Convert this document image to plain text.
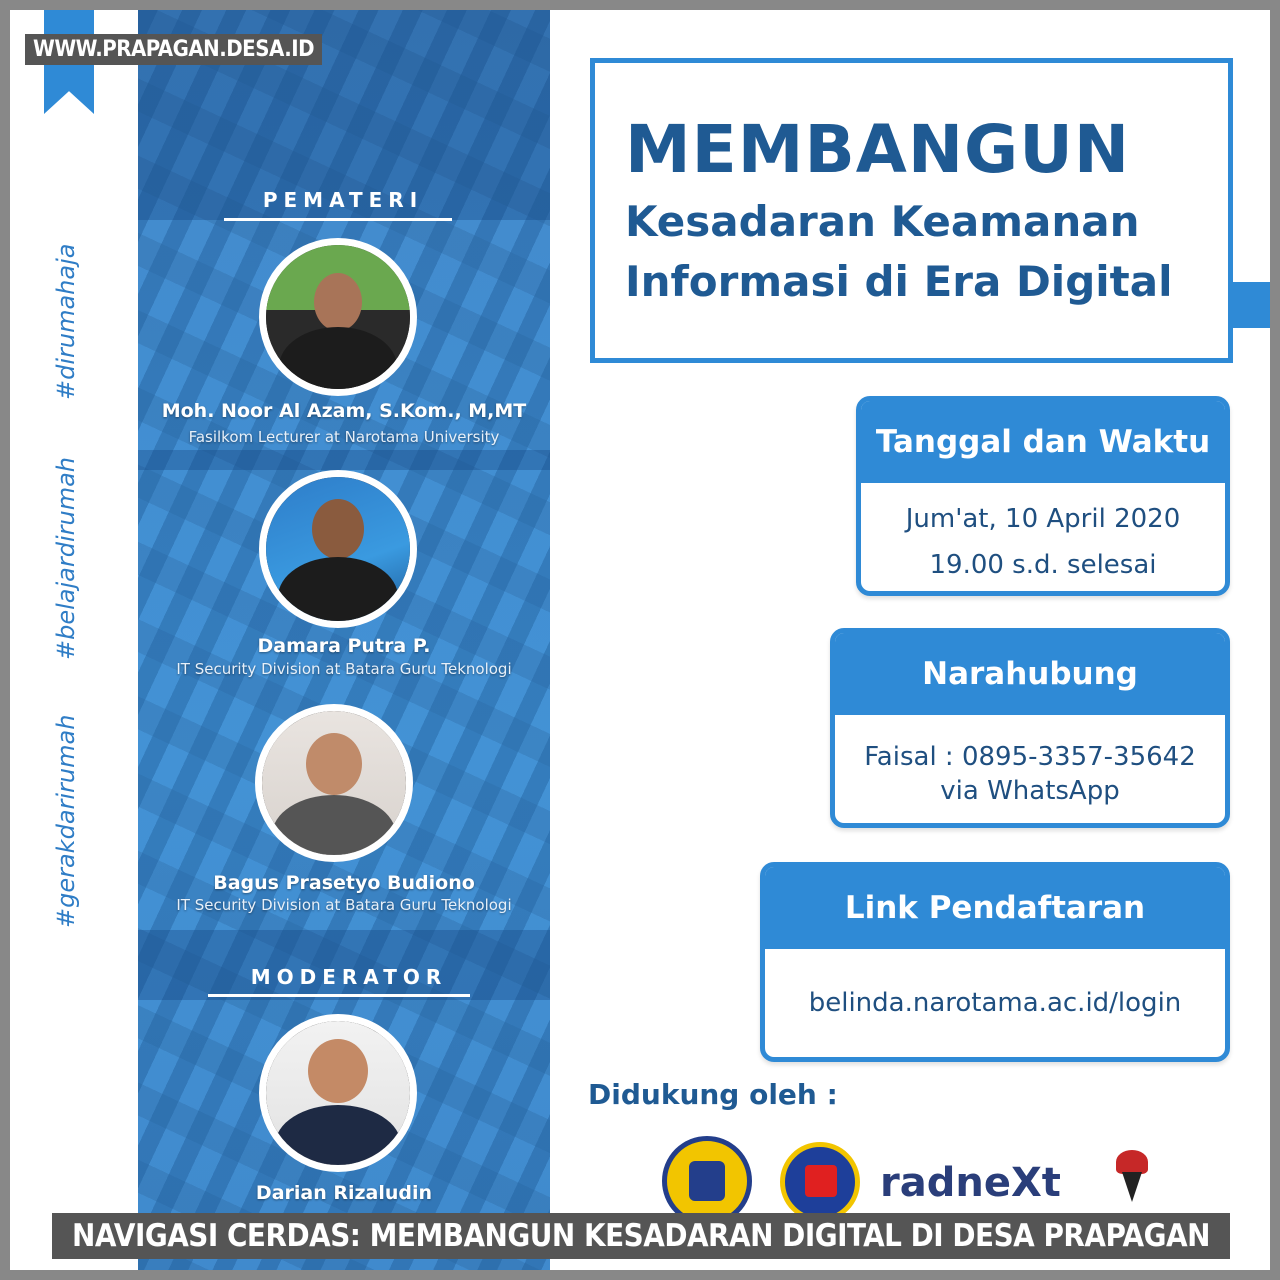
#dirumahaja
#belajardirumah
#gerakdarirumah
PEMATERI
Moh. Noor Al Azam, S.Kom., M,MT
Fasilkom Lecturer at Narotama University
Damara Putra P.
IT Security Division at Batara Guru Teknologi
Bagus Prasetyo Budiono
IT Security Division at Batara Guru Teknologi
MODERATOR
Darian Rizaludin
WWW.PRAPAGAN.DESA.ID
MEMBANGUN
Kesadaran Keamanan
Informasi di Era Digital
Tanggal dan Waktu
Jum'at, 10 April 2020
19.00 s.d. selesai
Narahubung
Faisal : 0895-3357-35642
via WhatsApp
Link Pendaftaran
belinda.narotama.ac.id/login
Didukung oleh :
radneXt
NAVIGASI CERDAS: MEMBANGUN KESADARAN DIGITAL DI DESA PRAPAGAN
